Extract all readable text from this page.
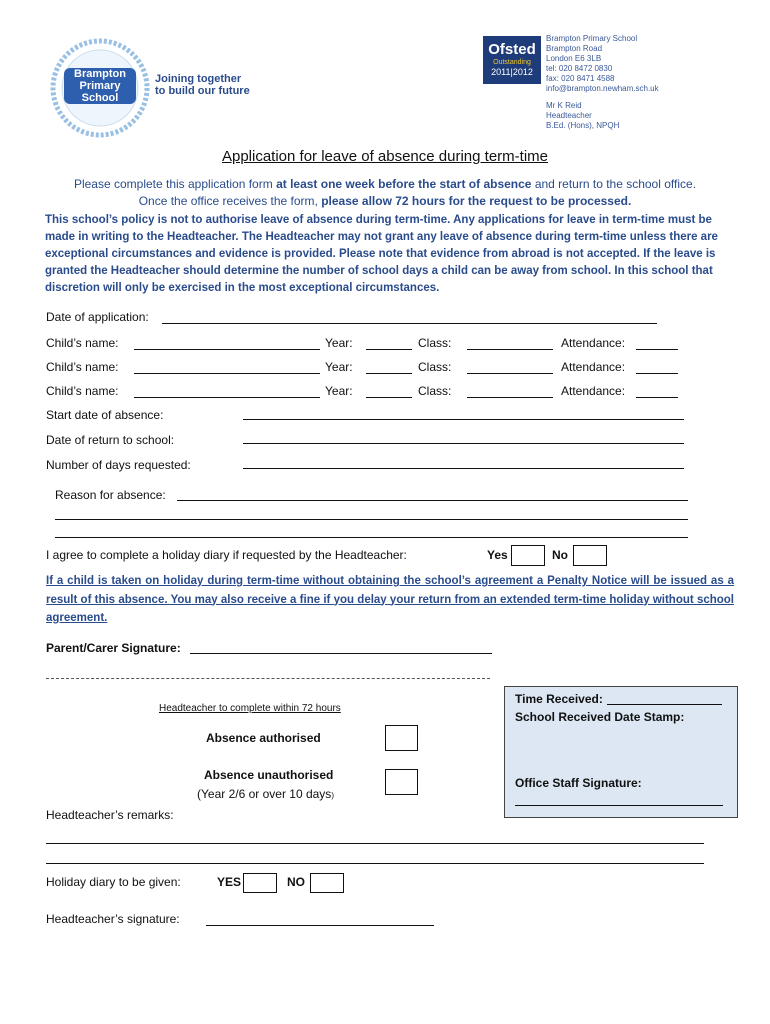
Brampton
Primary
School
Joining together
to build our future
Ofsted
Outstanding
2011|2012
Brampton Primary School
Brampton Road
London E6 3LB
tel: 020 8472 0830
fax: 020 8471 4588
info@brampton.newham.sch.uk
Mr K Reid
Headteacher
B.Ed. (Hons), NPQH
Application for leave of absence during term-time
Please complete this application form at least one week before the start of absence and return to the school office.
Once the office receives the form, please allow 72 hours for the request to be processed.
This school’s policy is not to authorise leave of absence during term-time. Any applications for leave in term-time must be made in writing to the Headteacher. The Headteacher may not grant any leave of absence during term-time unless there are exceptional circumstances and evidence is provided. Please note that evidence from abroad is not accepted. If the leave is granted the Headteacher should determine the number of school days a child can be away from school. In this school that discretion will only be exercised in the most exceptional circumstances.
Date of application:
Child’s name:	Year:	Class:	Attendance:
Child’s name:	Year:	Class:	Attendance:
Child’s name:	Year:	Class:	Attendance:
Start date of absence:
Date of return to school:
Number of days requested:
Reason for absence:
I agree to complete a holiday diary if requested by the Headteacher:	Yes	No
If a child is taken on holiday during term-time without obtaining the school’s agreement a Penalty Notice will be issued as a result of this absence. You may also receive a fine if you delay your return from an extended term-time holiday without school agreement.
Parent/Carer Signature:
Time Received:
School Received Date Stamp:
Office Staff Signature:
Headteacher to complete within 72 hours
Absence authorised
Absence unauthorised
(Year 2/6 or over 10 days)
Headteacher’s remarks:
Holiday diary to be given:	YES	NO
Headteacher’s signature:
